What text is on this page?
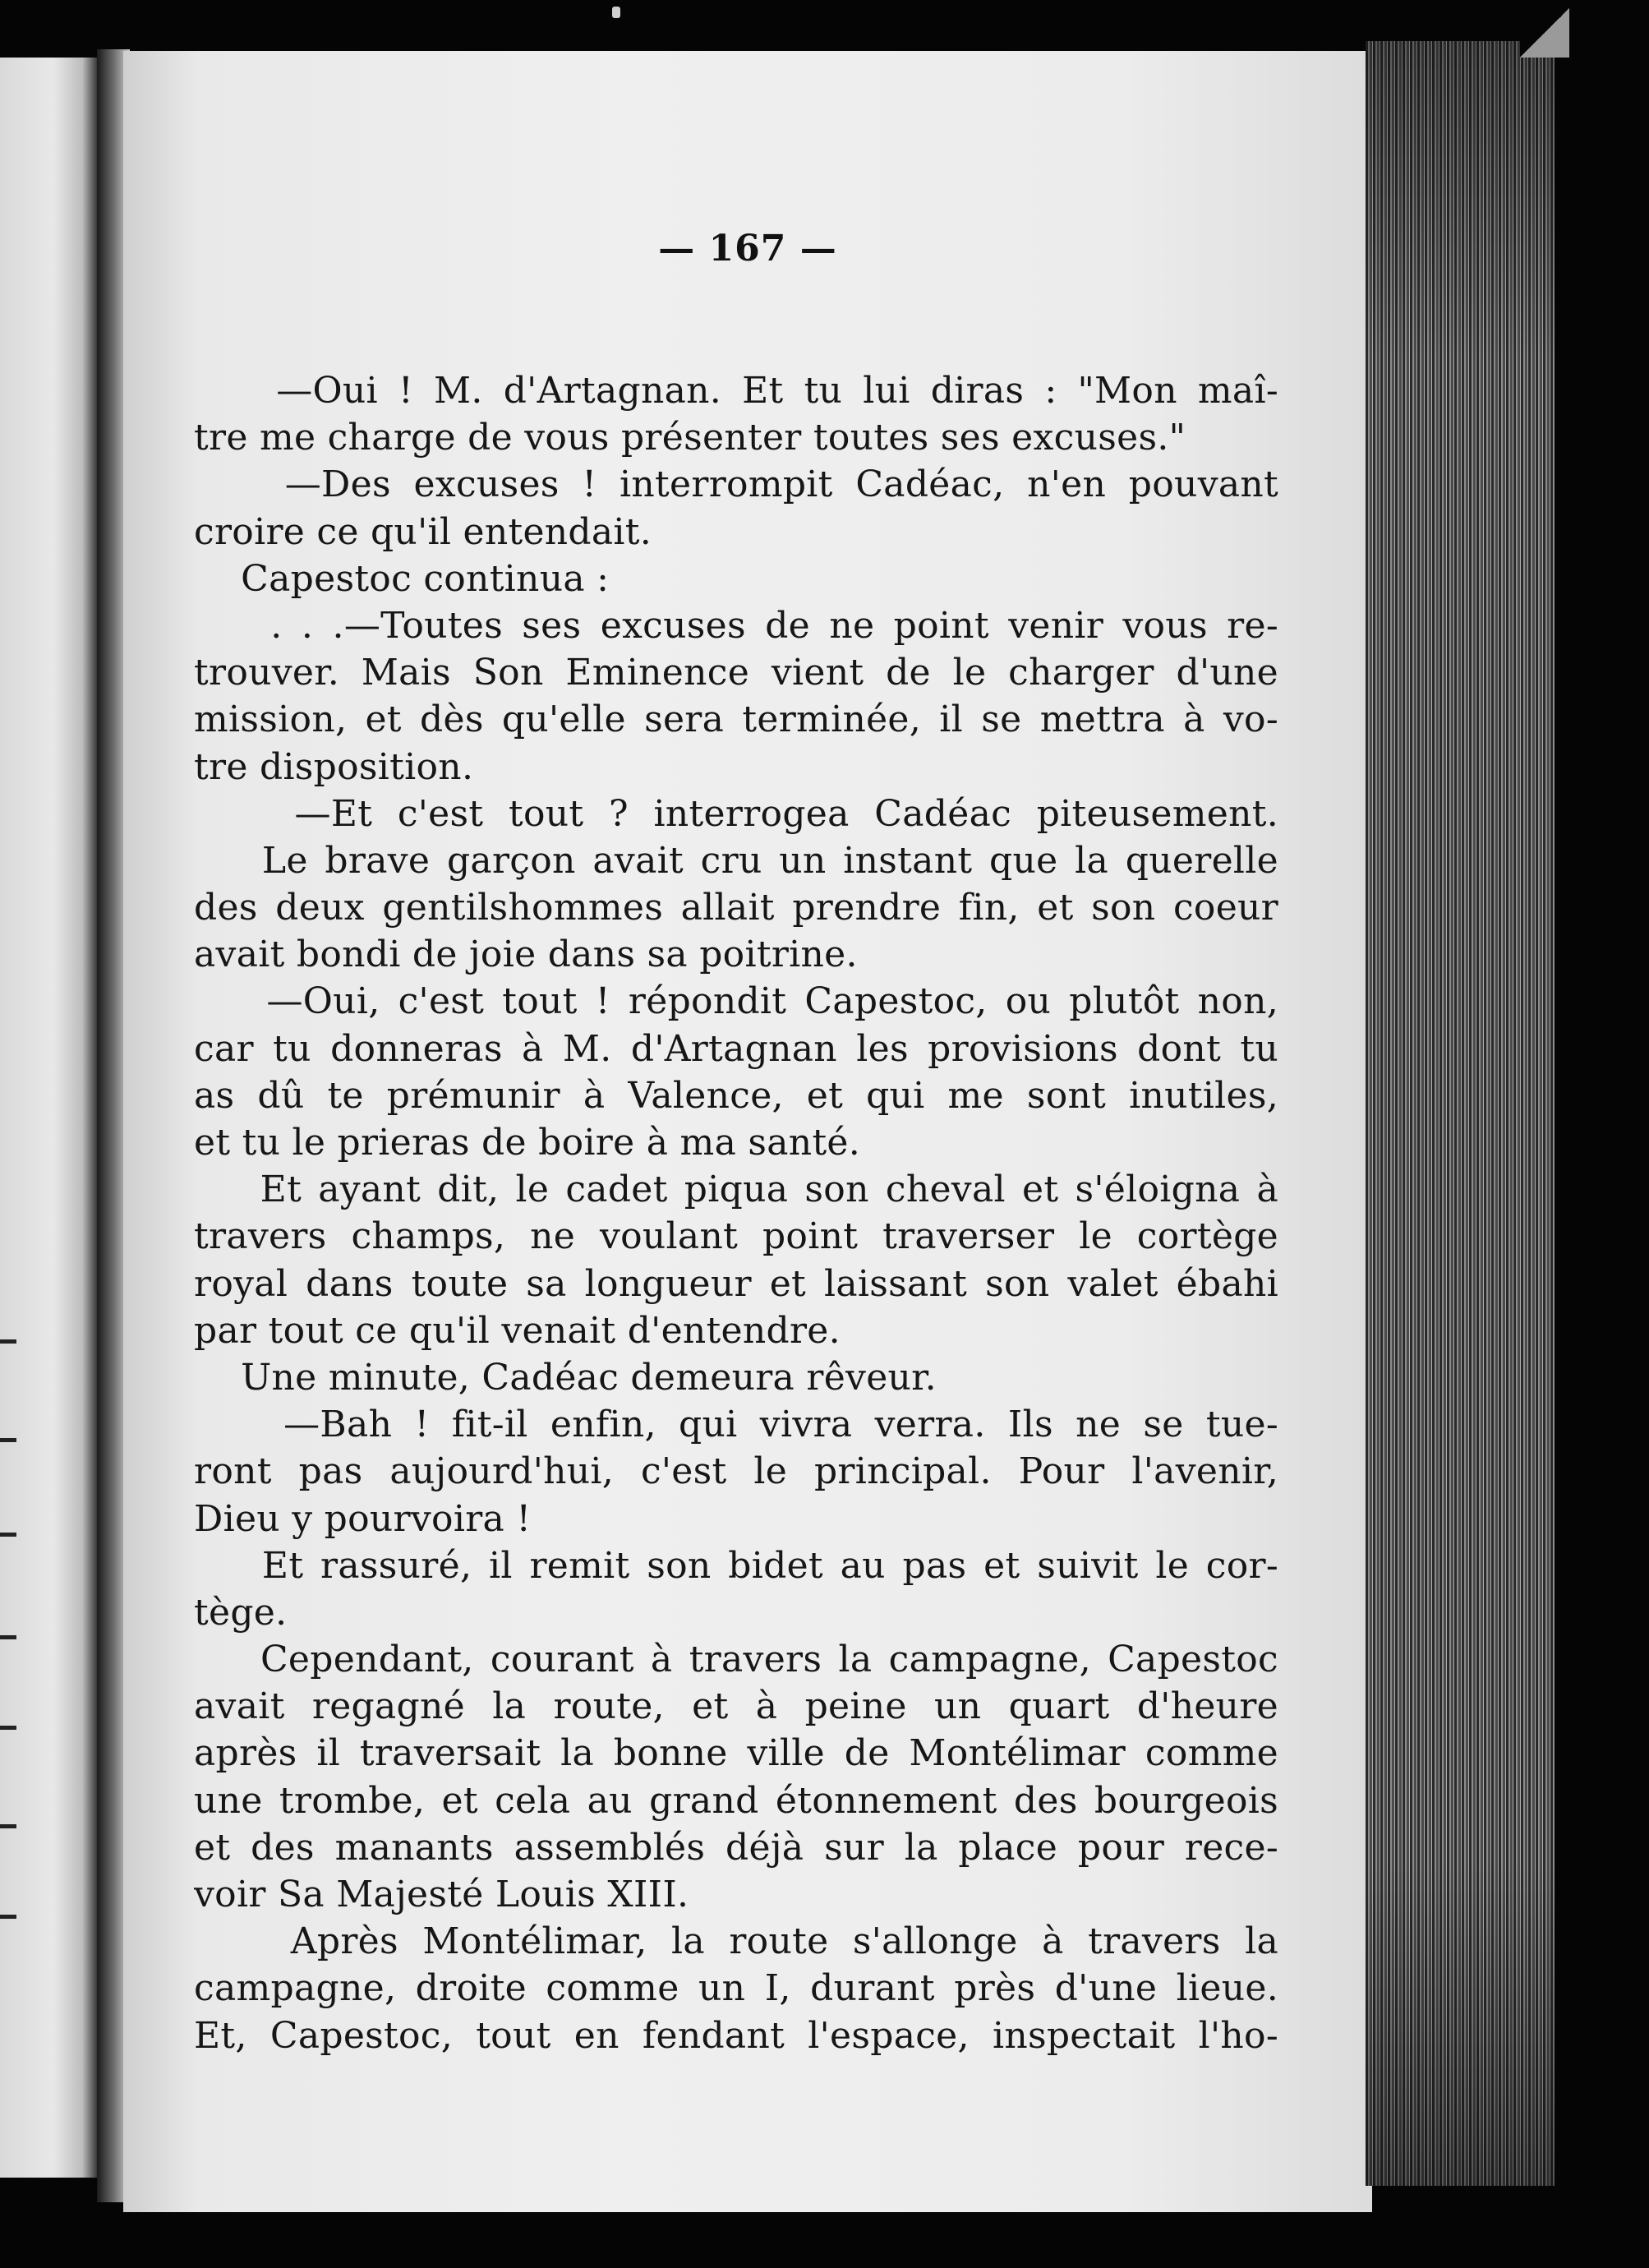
— 167 —
—Oui ! M. d'Artagnan. Et tu lui diras : "Mon maî-
tre me charge de vous présenter toutes ses excuses."
—Des excuses ! interrompit Cadéac, n'en pouvant
croire ce qu'il entendait.
Capestoc continua :
. . .—Toutes ses excuses de ne point venir vous re-
trouver. Mais Son Eminence vient de le charger d'une
mission, et dès qu'elle sera terminée, il se mettra à vo-
tre disposition.
—Et c'est tout ? interrogea Cadéac piteusement.
Le brave garçon avait cru un instant que la querelle
des deux gentilshommes allait prendre fin, et son coeur
avait bondi de joie dans sa poitrine.
—Oui, c'est tout ! répondit Capestoc, ou plutôt non,
car tu donneras à M. d'Artagnan les provisions dont tu
as dû te prémunir à Valence, et qui me sont inutiles,
et tu le prieras de boire à ma santé.
Et ayant dit, le cadet piqua son cheval et s'éloigna à
travers champs, ne voulant point traverser le cortège
royal dans toute sa longueur et laissant son valet ébahi
par tout ce qu'il venait d'entendre.
Une minute, Cadéac demeura rêveur.
—Bah ! fit-il enfin, qui vivra verra. Ils ne se tue-
ront pas aujourd'hui, c'est le principal. Pour l'avenir,
Dieu y pourvoira !
Et rassuré, il remit son bidet au pas et suivit le cor-
tège.
Cependant, courant à travers la campagne, Capestoc
avait regagné la route, et à peine un quart d'heure
après il traversait la bonne ville de Montélimar comme
une trombe, et cela au grand étonnement des bourgeois
et des manants assemblés déjà sur la place pour rece-
voir Sa Majesté Louis XIII.
Après Montélimar, la route s'allonge à travers la
campagne, droite comme un I, durant près d'une lieue.
Et, Capestoc, tout en fendant l'espace, inspectait l'ho-
